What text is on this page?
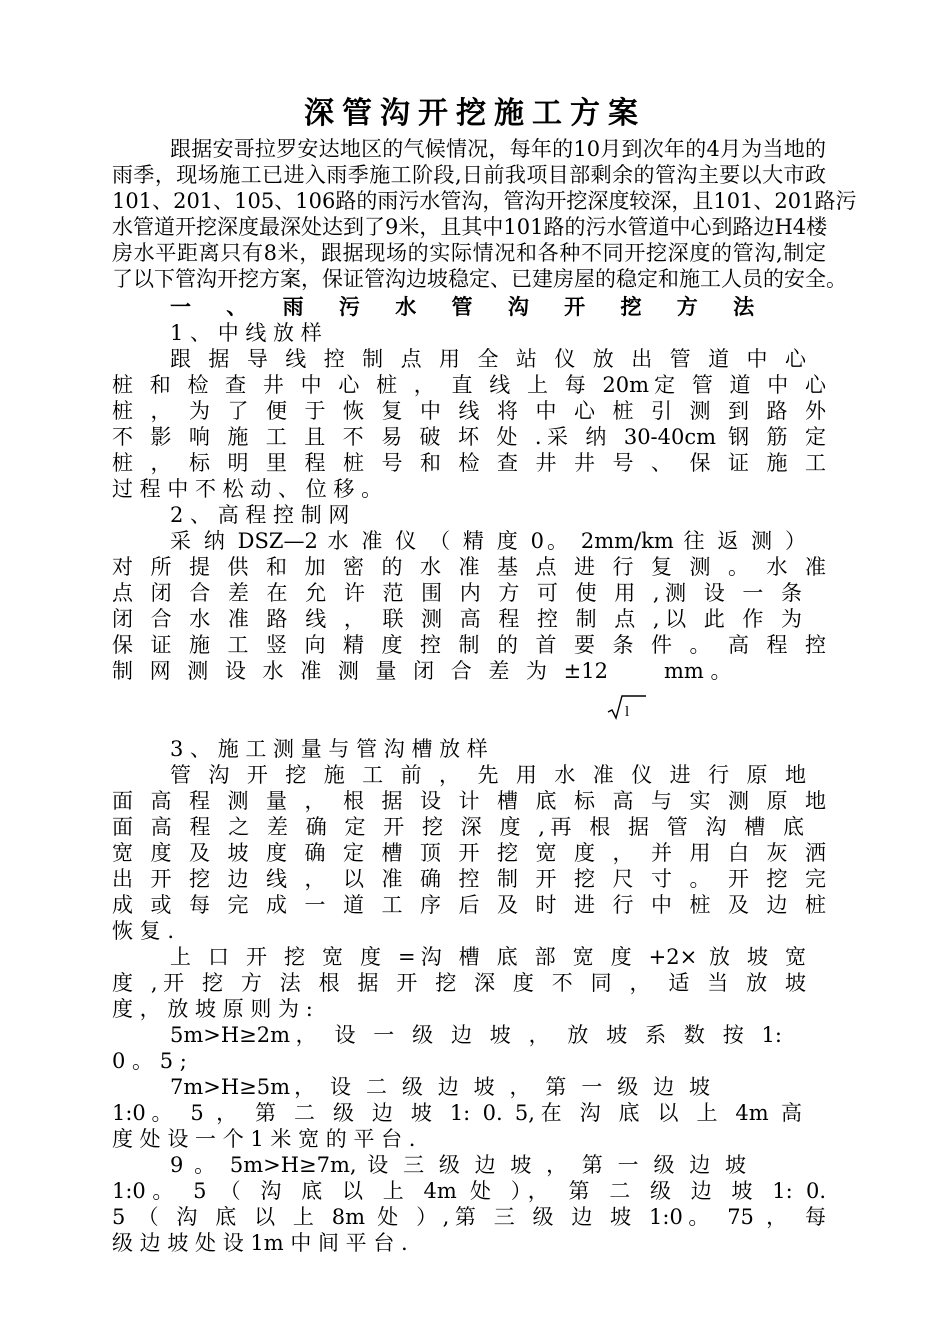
深管沟开挖施工方案
跟据安哥拉罗安达地区的气候情况，每年的10月到次年的4月为当地的
雨季，现场施工已进入雨季施工阶段,日前我项目部剩余的管沟主要以大市政
101、201、105、106路的雨污水管沟，管沟开挖深度较深，且101、201路污
水管道开挖深度最深处达到了9米，且其中101路的污水管道中心到路边H4楼
房水平距离只有8米，跟据现场的实际情况和各种不同开挖深度的管沟,制定
了以下管沟开挖方案，保证管沟边坡稳定、已建房屋的稳定和施工人员的安全。
一 、 雨 污 水 管 沟 开 挖 方 法
1 、 中 线 放 样
跟 据 导 线 控 制 点 用 全 站 仪 放 出 管 道 中 心
桩 和 检 查 井 中 心 桩 ， 直 线 上 每 20m定 管 道 中 心
桩 ， 为 了 便 于 恢 复 中 线 将 中 心 桩 引 测 到 路 外
不 影 响 施 工 且 不 易 破 坏 处 .采 纳 30-40cm 钢 筋 定
桩 ， 标 明 里 程 桩 号 和 检 查 井 井 号 、 保 证 施 工
过 程 中 不 松 动 、 位 移 。
2 、 高 程 控 制 网
采 纳 DSZ—2 水 准 仪 （ 精 度 0。 2mm/km 往 返 测 ）
对 所 提 供 和 加 密 的 水 准 基 点 进 行 复 测 。 水 准
点 闭 合 差 在 允 许 范 围 内 方 可 使 用 ,测 设 一 条
闭 合 水 准 路 线 ， 联 测 高 程 控 制 点 ,以 此 作 为
保 证 施 工 竖 向 精 度 控 制 的 首 要 条 件 。 高 程 控
制 网 测 设 水 准 测 量 闭 合 差 为 ±12
l
mm 。
3 、 施 工 测 量 与 管 沟 槽 放 样
管 沟 开 挖 施 工 前 ， 先 用 水 准 仪 进 行 原 地
面 高 程 测 量 ， 根 据 设 计 槽 底 标 高 与 实 测 原 地
面 高 程 之 差 确 定 开 挖 深 度 ,再 根 据 管 沟 槽 底
宽 度 及 坡 度 确 定 槽 顶 开 挖 宽 度 ， 并 用 白 灰 洒
出 开 挖 边 线 ， 以 准 确 控 制 开 挖 尺 寸 。 开 挖 完
成 或 每 完 成 一 道 工 序 后 及 时 进 行 中 桩 及 边 桩
恢 复 .
上 口 开 挖 宽 度 =沟 槽 底 部 宽 度 +2× 放 坡 宽
度 ,开 挖 方 法 根 据 开 挖 深 度 不 同 ， 适 当 放 坡
度 ， 放 坡 原 则 为 :
5m>H≥2m， 设 一 级 边 坡 ， 放 坡 系 数 按 1:
0 。 5 ;
7m>H≥5m， 设 二 级 边 坡 ， 第 一 级 边 坡
1:0。 5 ， 第 二 级 边 坡 1: 0. 5,在 沟 底 以 上 4m 高
度 处 设 一 个 1 米 宽 的 平 台 .
9 。 5m>H≥7m, 设 三 级 边 坡 ， 第 一 级 边 坡
1:0。 5 （ 沟 底 以 上 4m 处 ）， 第 二 级 边 坡 1: 0.
5 （ 沟 底 以 上 8m 处 ）,第 三 级 边 坡 1:0。 75 ， 每
级 边 坡 处 设 1m 中 间 平 台 .
